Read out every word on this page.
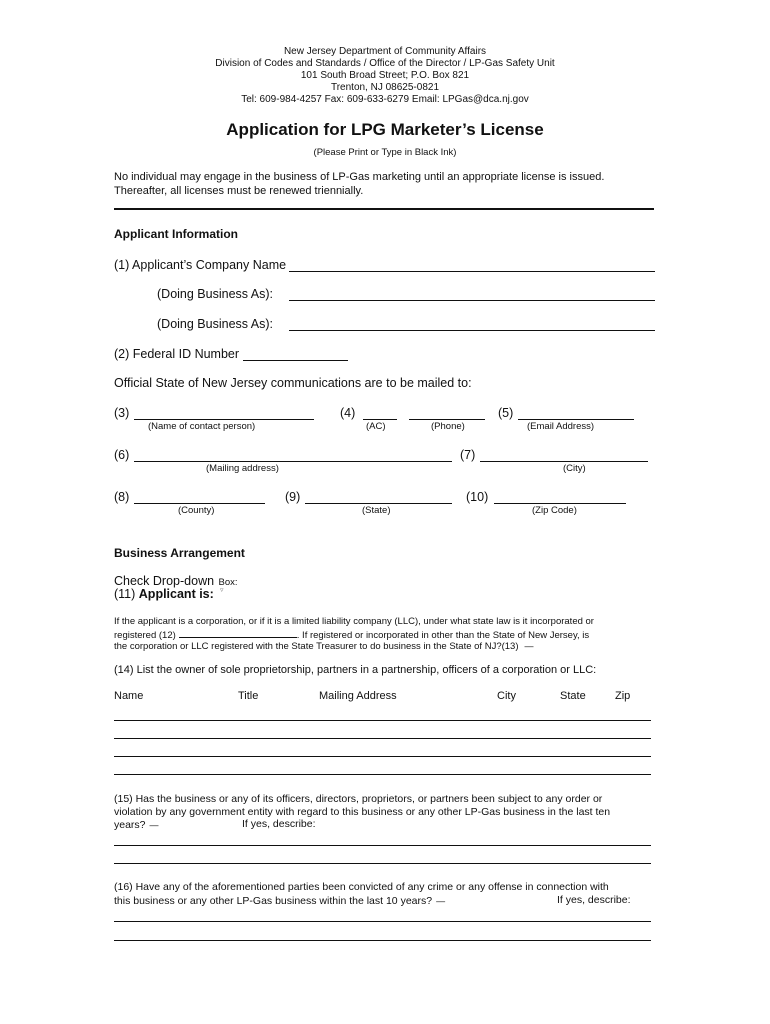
New Jersey Department of Community Affairs
Division of Codes and Standards / Office of the Director / LP-Gas Safety Unit
101 South Broad Street; P.O. Box 821
Trenton, NJ 08625-0821
Tel: 609-984-4257 Fax: 609-633-6279 Email: LPGas@dca.nj.gov
Application for LPG Marketer’s License
(Please Print or Type in Black Ink)
No individual may engage in the business of LP-Gas marketing until an appropriate license is issued.
Thereafter, all licenses must be renewed triennially.
Applicant Information
(1) Applicant’s Company Name
(Doing Business As):
(Doing Business As):
(2) Federal ID Number
Official State of New Jersey communications are to be mailed to:
(3)
(Name of contact person)
(4)
(AC)	(Phone)
(5)
(Email Address)
(6)
(Mailing address)
(7)
(City)
(8)
(County)
(9)
(State)
(10)
(Zip Code)
Business Arrangement
Check Drop-down Box:
(11) Applicant is: ▿
If the applicant is a corporation, or if it is a limited liability company (LLC), under what state law is it incorporated or
registered (12)	. If registered or incorporated in other than the State of New Jersey, is
the corporation or LLC registered with the State Treasurer to do business in the State of NJ?(13) —
(14) List the owner of sole proprietorship, partners in a partnership, officers of a corporation or LLC:
Name	Title	Mailing Address	City	State	Zip
(15) Has the business or any of its officers, directors, proprietors, or partners been subject to any order or
violation by any government entity with regard to this business or any other LP-Gas business in the last ten
years? —	If yes, describe:
(16) Have any of the aforementioned parties been convicted of any crime or any offense in connection with
this business or any other LP-Gas business within the last 10 years? —	If yes, describe:
